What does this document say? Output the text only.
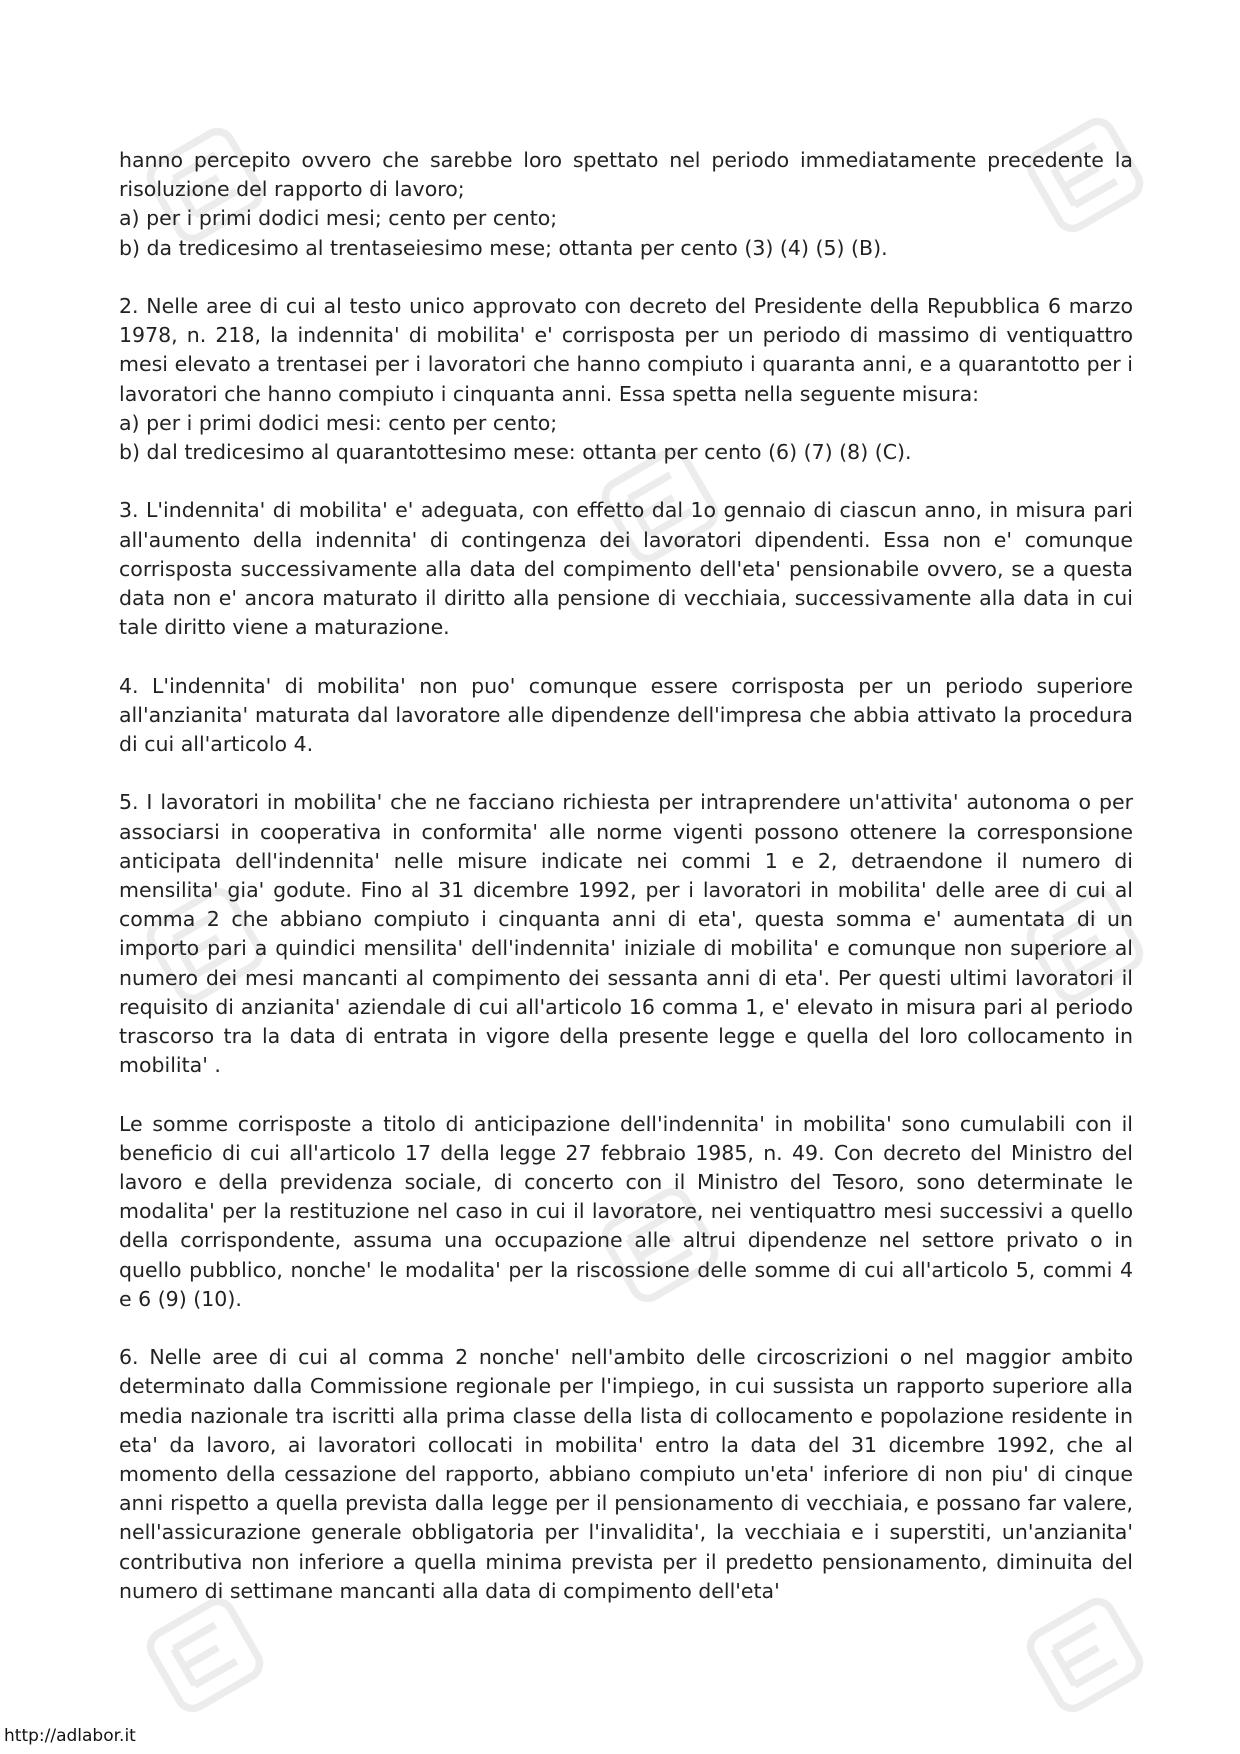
hanno percepito ovvero che sarebbe loro spettato nel periodo immediatamente precedente la risoluzione del rapporto di lavoro;
a) per i primi dodici mesi; cento per cento;
b) da tredicesimo al trentaseiesimo mese; ottanta per cento (3) (4) (5) (B).

2. Nelle aree di cui al testo unico approvato con decreto del Presidente della Repubblica 6 marzo 1978, n. 218, la indennita' di mobilita' e' corrisposta per un periodo di massimo di ventiquattro mesi elevato a trentasei per i lavoratori che hanno compiuto i quaranta anni, e a quarantotto per i lavoratori che hanno compiuto i cinquanta anni. Essa spetta nella seguente misura:
a) per i primi dodici mesi: cento per cento;
b) dal tredicesimo al quarantottesimo mese: ottanta per cento (6) (7) (8) (C).

3. L'indennita' di mobilita' e' adeguata, con effetto dal 1o gennaio di ciascun anno, in misura pari all'aumento della indennita' di contingenza dei lavoratori dipendenti. Essa non e' comunque corrisposta successivamente alla data del compimento dell'eta' pensionabile ovvero, se a questa data non e' ancora maturato il diritto alla pensione di vecchiaia, successivamente alla data in cui tale diritto viene a maturazione.

4. L'indennita' di mobilita' non puo' comunque essere corrisposta per un periodo superiore all'anzianita' maturata dal lavoratore alle dipendenze dell'impresa che abbia attivato la procedura di cui all'articolo 4.

5. I lavoratori in mobilita' che ne facciano richiesta per intraprendere un'attivita' autonoma o per associarsi in cooperativa in conformita' alle norme vigenti possono ottenere la corresponsione anticipata dell'indennita' nelle misure indicate nei commi 1 e 2, detraendone il numero di mensilita' gia' godute. Fino al 31 dicembre 1992, per i lavoratori in mobilita' delle aree di cui al comma 2 che abbiano compiuto i cinquanta anni di eta', questa somma e' aumentata di un importo pari a quindici mensilita' dell'indennita' iniziale di mobilita' e comunque non superiore al numero dei mesi mancanti al compimento dei sessanta anni di eta'. Per questi ultimi lavoratori il requisito di anzianita' aziendale di cui all'articolo 16 comma 1, e' elevato in misura pari al periodo trascorso tra la data di entrata in vigore della presente legge e quella del loro collocamento in mobilita' .

Le somme corrisposte a titolo di anticipazione dell'indennita' in mobilita' sono cumulabili con il beneficio di cui all'articolo 17 della legge 27 febbraio 1985, n. 49. Con decreto del Ministro del lavoro e della previdenza sociale, di concerto con il Ministro del Tesoro, sono determinate le modalita' per la restituzione nel caso in cui il lavoratore, nei ventiquattro mesi successivi a quello della corrispondente, assuma una occupazione alle altrui dipendenze nel settore privato o in quello pubblico, nonche' le modalita' per la riscossione delle somme di cui all'articolo 5, commi 4 e 6 (9) (10).

6. Nelle aree di cui al comma 2 nonche' nell'ambito delle circoscrizioni o nel maggior ambito determinato dalla Commissione regionale per l'impiego, in cui sussista un rapporto superiore alla media nazionale tra iscritti alla prima classe della lista di collocamento e popolazione residente in eta' da lavoro, ai lavoratori collocati in mobilita' entro la data del 31 dicembre 1992, che al momento della cessazione del rapporto, abbiano compiuto un'eta' inferiore di non piu' di cinque anni rispetto a quella prevista dalla legge per il pensionamento di vecchiaia, e possano far valere, nell'assicurazione generale obbligatoria per l'invalidita', la vecchiaia e i superstiti, un'anzianita' contributiva non inferiore a quella minima prevista per il predetto pensionamento, diminuita del numero di settimane mancanti alla data di compimento dell'eta'

http://adlabor.it
